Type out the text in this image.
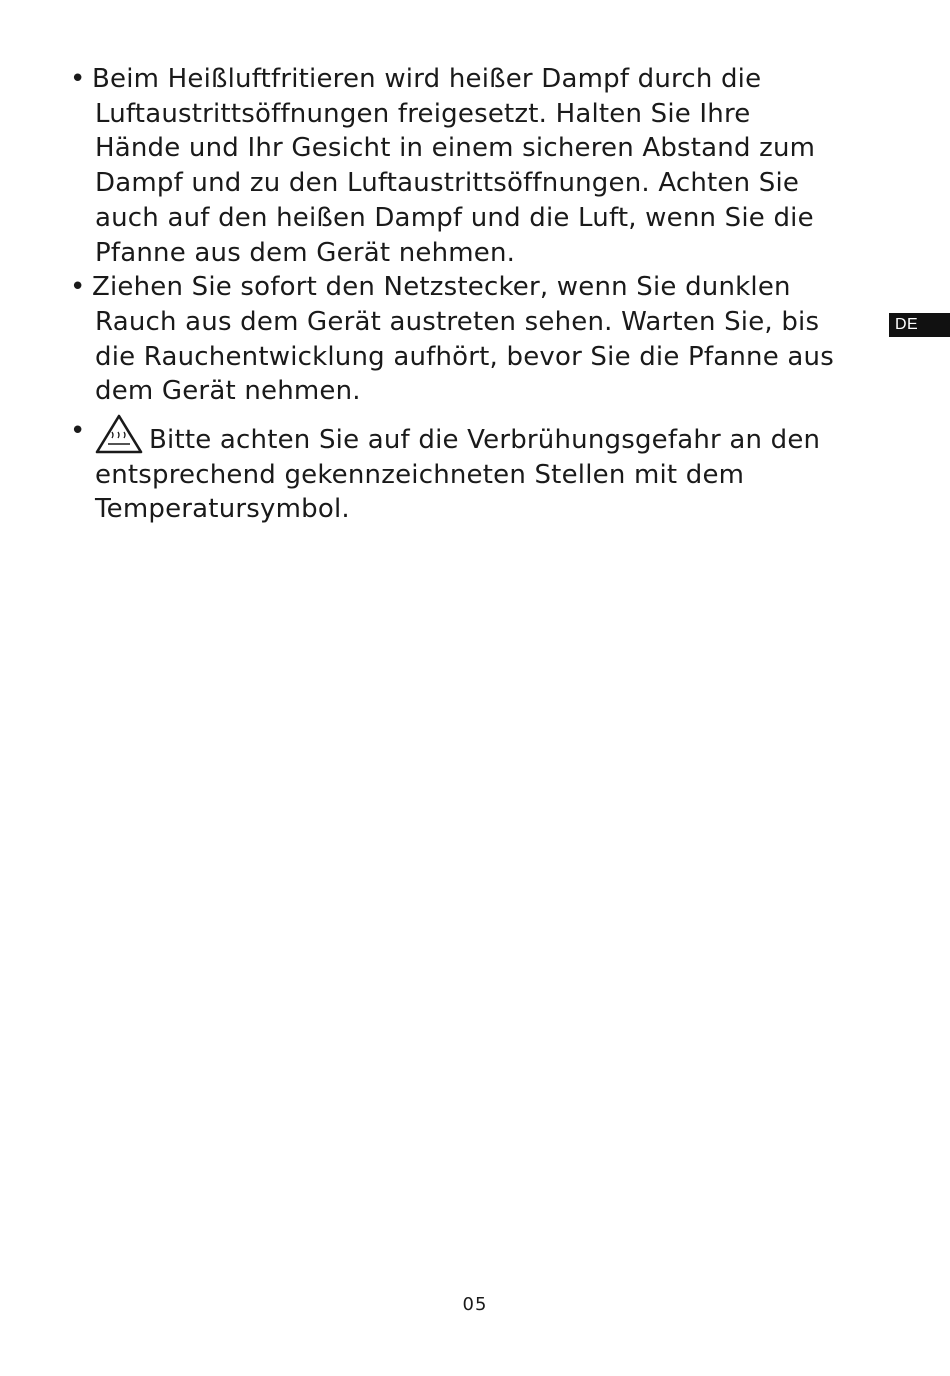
• Beim Heißluftfritieren wird heißer Dampf durch die
Luftaustrittsöffnungen freigesetzt. Halten Sie Ihre
Hände und Ihr Gesicht in einem sicheren Abstand zum
Dampf und zu den Luftaustrittsöffnungen. Achten Sie
auch auf den heißen Dampf und die Luft, wenn Sie die
Pfanne aus dem Gerät nehmen.
• Ziehen Sie sofort den Netzstecker, wenn Sie dunklen
Rauch aus dem Gerät austreten sehen. Warten Sie, bis
die Rauchentwicklung aufhört, bevor Sie die Pfanne aus
dem Gerät nehmen.
•	Bitte achten Sie auf die Verbrühungsgefahr an den
entsprechend gekennzeichneten Stellen mit dem
Temperatursymbol.
DE
05
